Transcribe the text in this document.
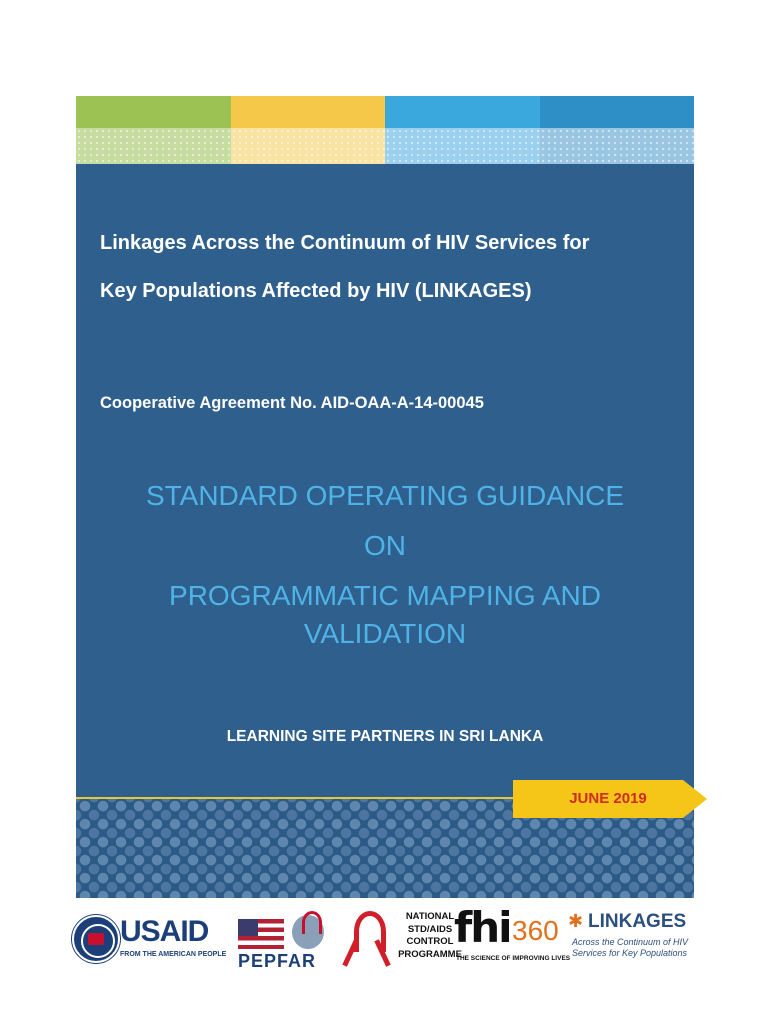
Linkages Across the Continuum of HIV Services for
Key Populations Affected by HIV (LINKAGES)
Cooperative Agreement No. AID-OAA-A-14-00045
STANDARD OPERATING GUIDANCE
ON
PROGRAMMATIC MAPPING AND
VALIDATION
LEARNING SITE PARTNERS IN SRI LANKA
JUNE 2019
USAID
FROM THE AMERICAN PEOPLE PEPFAR
NATIONAL
STD/AIDS
CONTROL
PROGRAMME
fhi 360
THE SCIENCE OF IMPROVING LIVES
✱ LINKAGES
Across the Continuum of HIV Services for Key Populations
